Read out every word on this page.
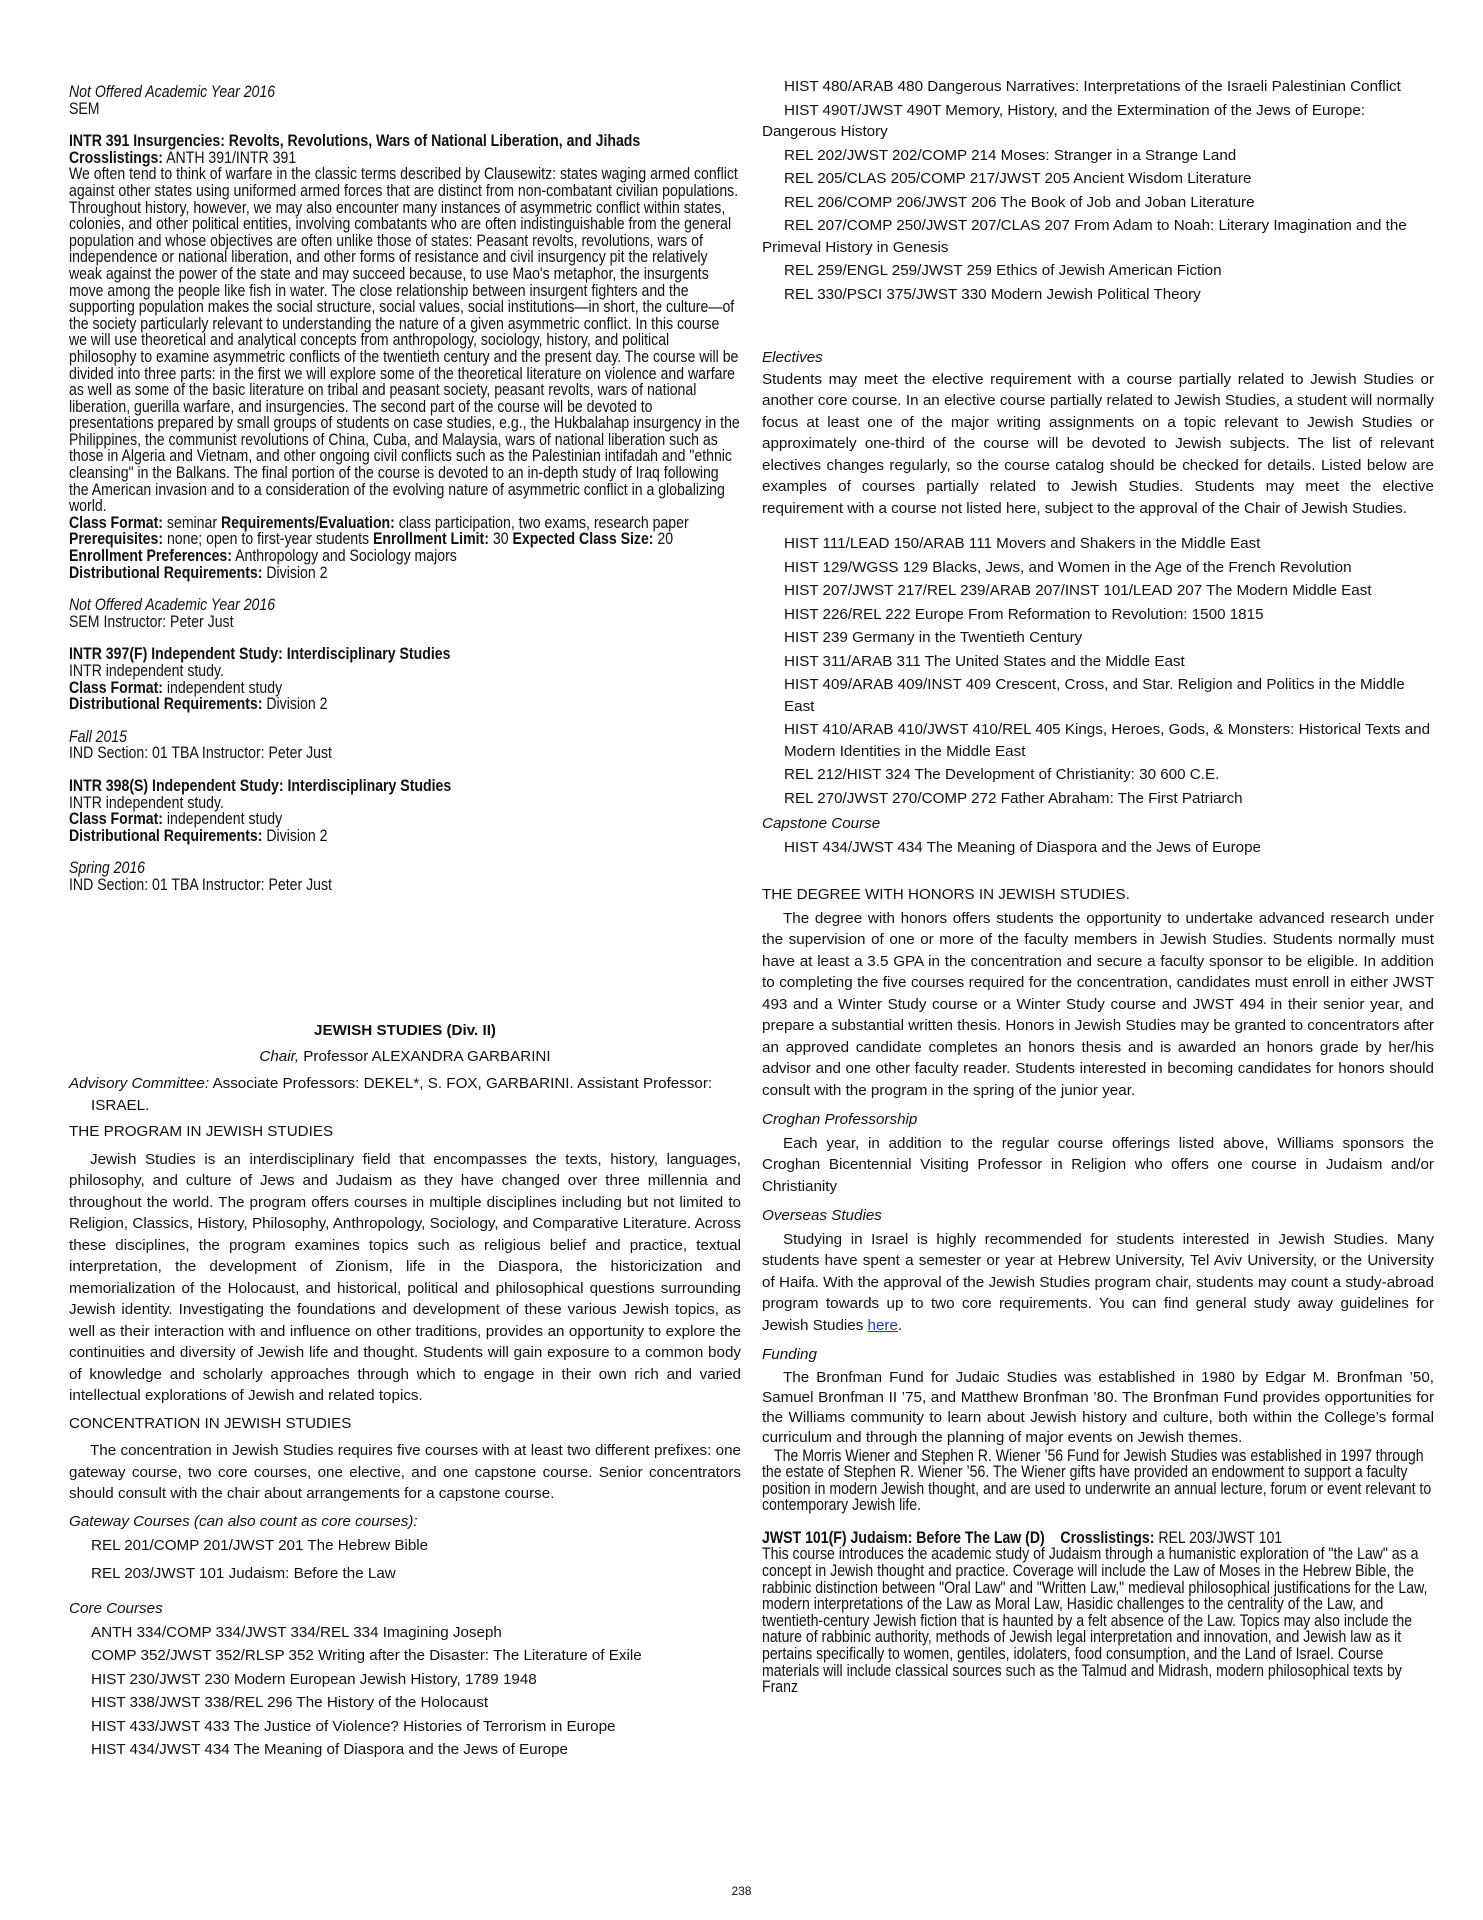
Not Offered Academic Year 2016
SEM
INTR 391 Insurgencies: Revolts, Revolutions, Wars of National Liberation, and Jihads
Crosslistings: ANTH 391/INTR 391
We often tend to think of warfare in the classic terms described by Clausewitz: states waging armed conflict against other states using uniformed armed forces that are distinct from non-combatant civilian populations. Throughout history, however, we may also encounter many instances of asymmetric conflict within states, colonies, and other political entities, involving combatants who are often indistinguishable from the general population and whose objectives are often unlike those of states: Peasant revolts, revolutions, wars of independence or national liberation, and other forms of resistance and civil insurgency pit the relatively weak against the power of the state and may succeed because, to use Mao's metaphor, the insurgents move among the people like fish in water. The close relationship between insurgent fighters and the supporting population makes the social structure, social values, social institutions—in short, the culture—of the society particularly relevant to understanding the nature of a given asymmetric conflict. In this course we will use theoretical and analytical concepts from anthropology, sociology, history, and political philosophy to examine asymmetric conflicts of the twentieth century and the present day. The course will be divided into three parts: in the first we will explore some of the theoretical literature on violence and warfare as well as some of the basic literature on tribal and peasant society, peasant revolts, wars of national liberation, guerilla warfare, and insurgencies. The second part of the course will be devoted to presentations prepared by small groups of students on case studies, e.g., the Hukbalahap insurgency in the Philippines, the communist revolutions of China, Cuba, and Malaysia, wars of national liberation such as those in Algeria and Vietnam, and other ongoing civil conflicts such as the Palestinian intifadah and "ethnic cleansing" in the Balkans. The final portion of the course is devoted to an in-depth study of Iraq following the American invasion and to a consideration of the evolving nature of asymmetric conflict in a globalizing world.
Class Format: seminar Requirements/Evaluation: class participation, two exams, research paper Prerequisites: none; open to first-year students Enrollment Limit: 30 Expected Class Size: 20 Enrollment Preferences: Anthropology and Sociology majors
Distributional Requirements: Division 2
Not Offered Academic Year 2016
SEM Instructor: Peter Just
INTR 397(F) Independent Study: Interdisciplinary Studies
INTR independent study.
Class Format: independent study
Distributional Requirements: Division 2
Fall 2015
IND Section: 01 TBA Instructor: Peter Just
INTR 398(S) Independent Study: Interdisciplinary Studies
INTR independent study.
Class Format: independent study
Distributional Requirements: Division 2
Spring 2016
IND Section: 01 TBA Instructor: Peter Just
JEWISH STUDIES (Div. II)
Chair, Professor ALEXANDRA GARBARINI
Advisory Committee: Associate Professors: DEKEL*, S. FOX, GARBARINI. Assistant Professor: ISRAEL.
THE PROGRAM IN JEWISH STUDIES
Jewish Studies is an interdisciplinary field that encompasses the texts, history, languages, philosophy, and culture of Jews and Judaism as they have changed over three millennia and throughout the world. The program offers courses in multiple disciplines including but not limited to Religion, Classics, History, Philosophy, Anthropology, Sociology, and Comparative Literature. Across these disciplines, the program examines topics such as religious belief and practice, textual interpretation, the development of Zionism, life in the Diaspora, the historicization and memorialization of the Holocaust, and historical, political and philosophical questions surrounding Jewish identity. Investigating the foundations and development of these various Jewish topics, as well as their interaction with and influence on other traditions, provides an opportunity to explore the continuities and diversity of Jewish life and thought. Students will gain exposure to a common body of knowledge and scholarly approaches through which to engage in their own rich and varied intellectual explorations of Jewish and related topics.
CONCENTRATION IN JEWISH STUDIES
The concentration in Jewish Studies requires five courses with at least two different prefixes: one gateway course, two core courses, one elective, and one capstone course. Senior concentrators should consult with the chair about arrangements for a capstone course.
Gateway Courses (can also count as core courses):
REL 201/COMP 201/JWST 201 The Hebrew Bible
REL 203/JWST 101 Judaism: Before the Law
Core Courses
ANTH 334/COMP 334/JWST 334/REL 334 Imagining Joseph
COMP 352/JWST 352/RLSP 352 Writing after the Disaster: The Literature of Exile
HIST 230/JWST 230 Modern European Jewish History, 1789 1948
HIST 338/JWST 338/REL 296 The History of the Holocaust
HIST 433/JWST 433 The Justice of Violence? Histories of Terrorism in Europe
HIST 434/JWST 434 The Meaning of Diaspora and the Jews of Europe
HIST 480/ARAB 480 Dangerous Narratives: Interpretations of the Israeli Palestinian Conflict
HIST 490T/JWST 490T Memory, History, and the Extermination of the Jews of Europe: Dangerous History
REL 202/JWST 202/COMP 214 Moses: Stranger in a Strange Land
REL 205/CLAS 205/COMP 217/JWST 205 Ancient Wisdom Literature
REL 206/COMP 206/JWST 206 The Book of Job and Joban Literature
REL 207/COMP 250/JWST 207/CLAS 207 From Adam to Noah: Literary Imagination and the Primeval History in Genesis
REL 259/ENGL 259/JWST 259 Ethics of Jewish American Fiction
REL 330/PSCI 375/JWST 330 Modern Jewish Political Theory
Electives
Students may meet the elective requirement with a course partially related to Jewish Studies or another core course. In an elective course partially related to Jewish Studies, a student will normally focus at least one of the major writing assignments on a topic relevant to Jewish Studies or approximately one-third of the course will be devoted to Jewish subjects. The list of relevant electives changes regularly, so the course catalog should be checked for details. Listed below are examples of courses partially related to Jewish Studies. Students may meet the elective requirement with a course not listed here, subject to the approval of the Chair of Jewish Studies.
HIST 111/LEAD 150/ARAB 111 Movers and Shakers in the Middle East
HIST 129/WGSS 129 Blacks, Jews, and Women in the Age of the French Revolution
HIST 207/JWST 217/REL 239/ARAB 207/INST 101/LEAD 207 The Modern Middle East
HIST 226/REL 222 Europe From Reformation to Revolution: 1500 1815
HIST 239 Germany in the Twentieth Century
HIST 311/ARAB 311 The United States and the Middle East
HIST 409/ARAB 409/INST 409 Crescent, Cross, and Star. Religion and Politics in the Middle East
HIST 410/ARAB 410/JWST 410/REL 405 Kings, Heroes, Gods, & Monsters: Historical Texts and Modern Identities in the Middle East
REL 212/HIST 324 The Development of Christianity: 30 600 C.E.
REL 270/JWST 270/COMP 272 Father Abraham: The First Patriarch
Capstone Course
HIST 434/JWST 434 The Meaning of Diaspora and the Jews of Europe
THE DEGREE WITH HONORS IN JEWISH STUDIES.
The degree with honors offers students the opportunity to undertake advanced research under the supervision of one or more of the faculty members in Jewish Studies. Students normally must have at least a 3.5 GPA in the concentration and secure a faculty sponsor to be eligible. In addition to completing the five courses required for the concentration, candidates must enroll in either JWST 493 and a Winter Study course or a Winter Study course and JWST 494 in their senior year, and prepare a substantial written thesis. Honors in Jewish Studies may be granted to concentrators after an approved candidate completes an honors thesis and is awarded an honors grade by her/his advisor and one other faculty reader. Students interested in becoming candidates for honors should consult with the program in the spring of the junior year.
Croghan Professorship
Each year, in addition to the regular course offerings listed above, Williams sponsors the Croghan Bicentennial Visiting Professor in Religion who offers one course in Judaism and/or Christianity
Overseas Studies
Studying in Israel is highly recommended for students interested in Jewish Studies. Many students have spent a semester or year at Hebrew University, Tel Aviv University, or the University of Haifa. With the approval of the Jewish Studies program chair, students may count a study-abroad program towards up to two core requirements. You can find general study away guidelines for Jewish Studies here.
Funding
The Bronfman Fund for Judaic Studies was established in 1980 by Edgar M. Bronfman ’50, Samuel Bronfman II ’75, and Matthew Bronfman ’80. The Bronfman Fund provides opportunities for the Williams community to learn about Jewish history and culture, both within the College’s formal curriculum and through the planning of major events on Jewish themes.
The Morris Wiener and Stephen R. Wiener ’56 Fund for Jewish Studies was established in 1997 through the estate of Stephen R. Wiener ’56. The Wiener gifts have provided an endowment to support a faculty position in modern Jewish thought, and are used to underwrite an annual lecture, forum or event relevant to contemporary Jewish life.
JWST 101(F) Judaism: Before The Law (D)    Crosslistings: REL 203/JWST 101
This course introduces the academic study of Judaism through a humanistic exploration of "the Law" as a concept in Jewish thought and practice. Coverage will include the Law of Moses in the Hebrew Bible, the rabbinic distinction between "Oral Law" and "Written Law," medieval philosophical justifications for the Law, modern interpretations of the Law as Moral Law, Hasidic challenges to the centrality of the Law, and twentieth-century Jewish fiction that is haunted by a felt absence of the Law. Topics may also include the nature of rabbinic authority, methods of Jewish legal interpretation and innovation, and Jewish law as it pertains specifically to women, gentiles, idolaters, food consumption, and the Land of Israel. Course materials will include classical sources such as the Talmud and Midrash, modern philosophical texts by Franz
238
